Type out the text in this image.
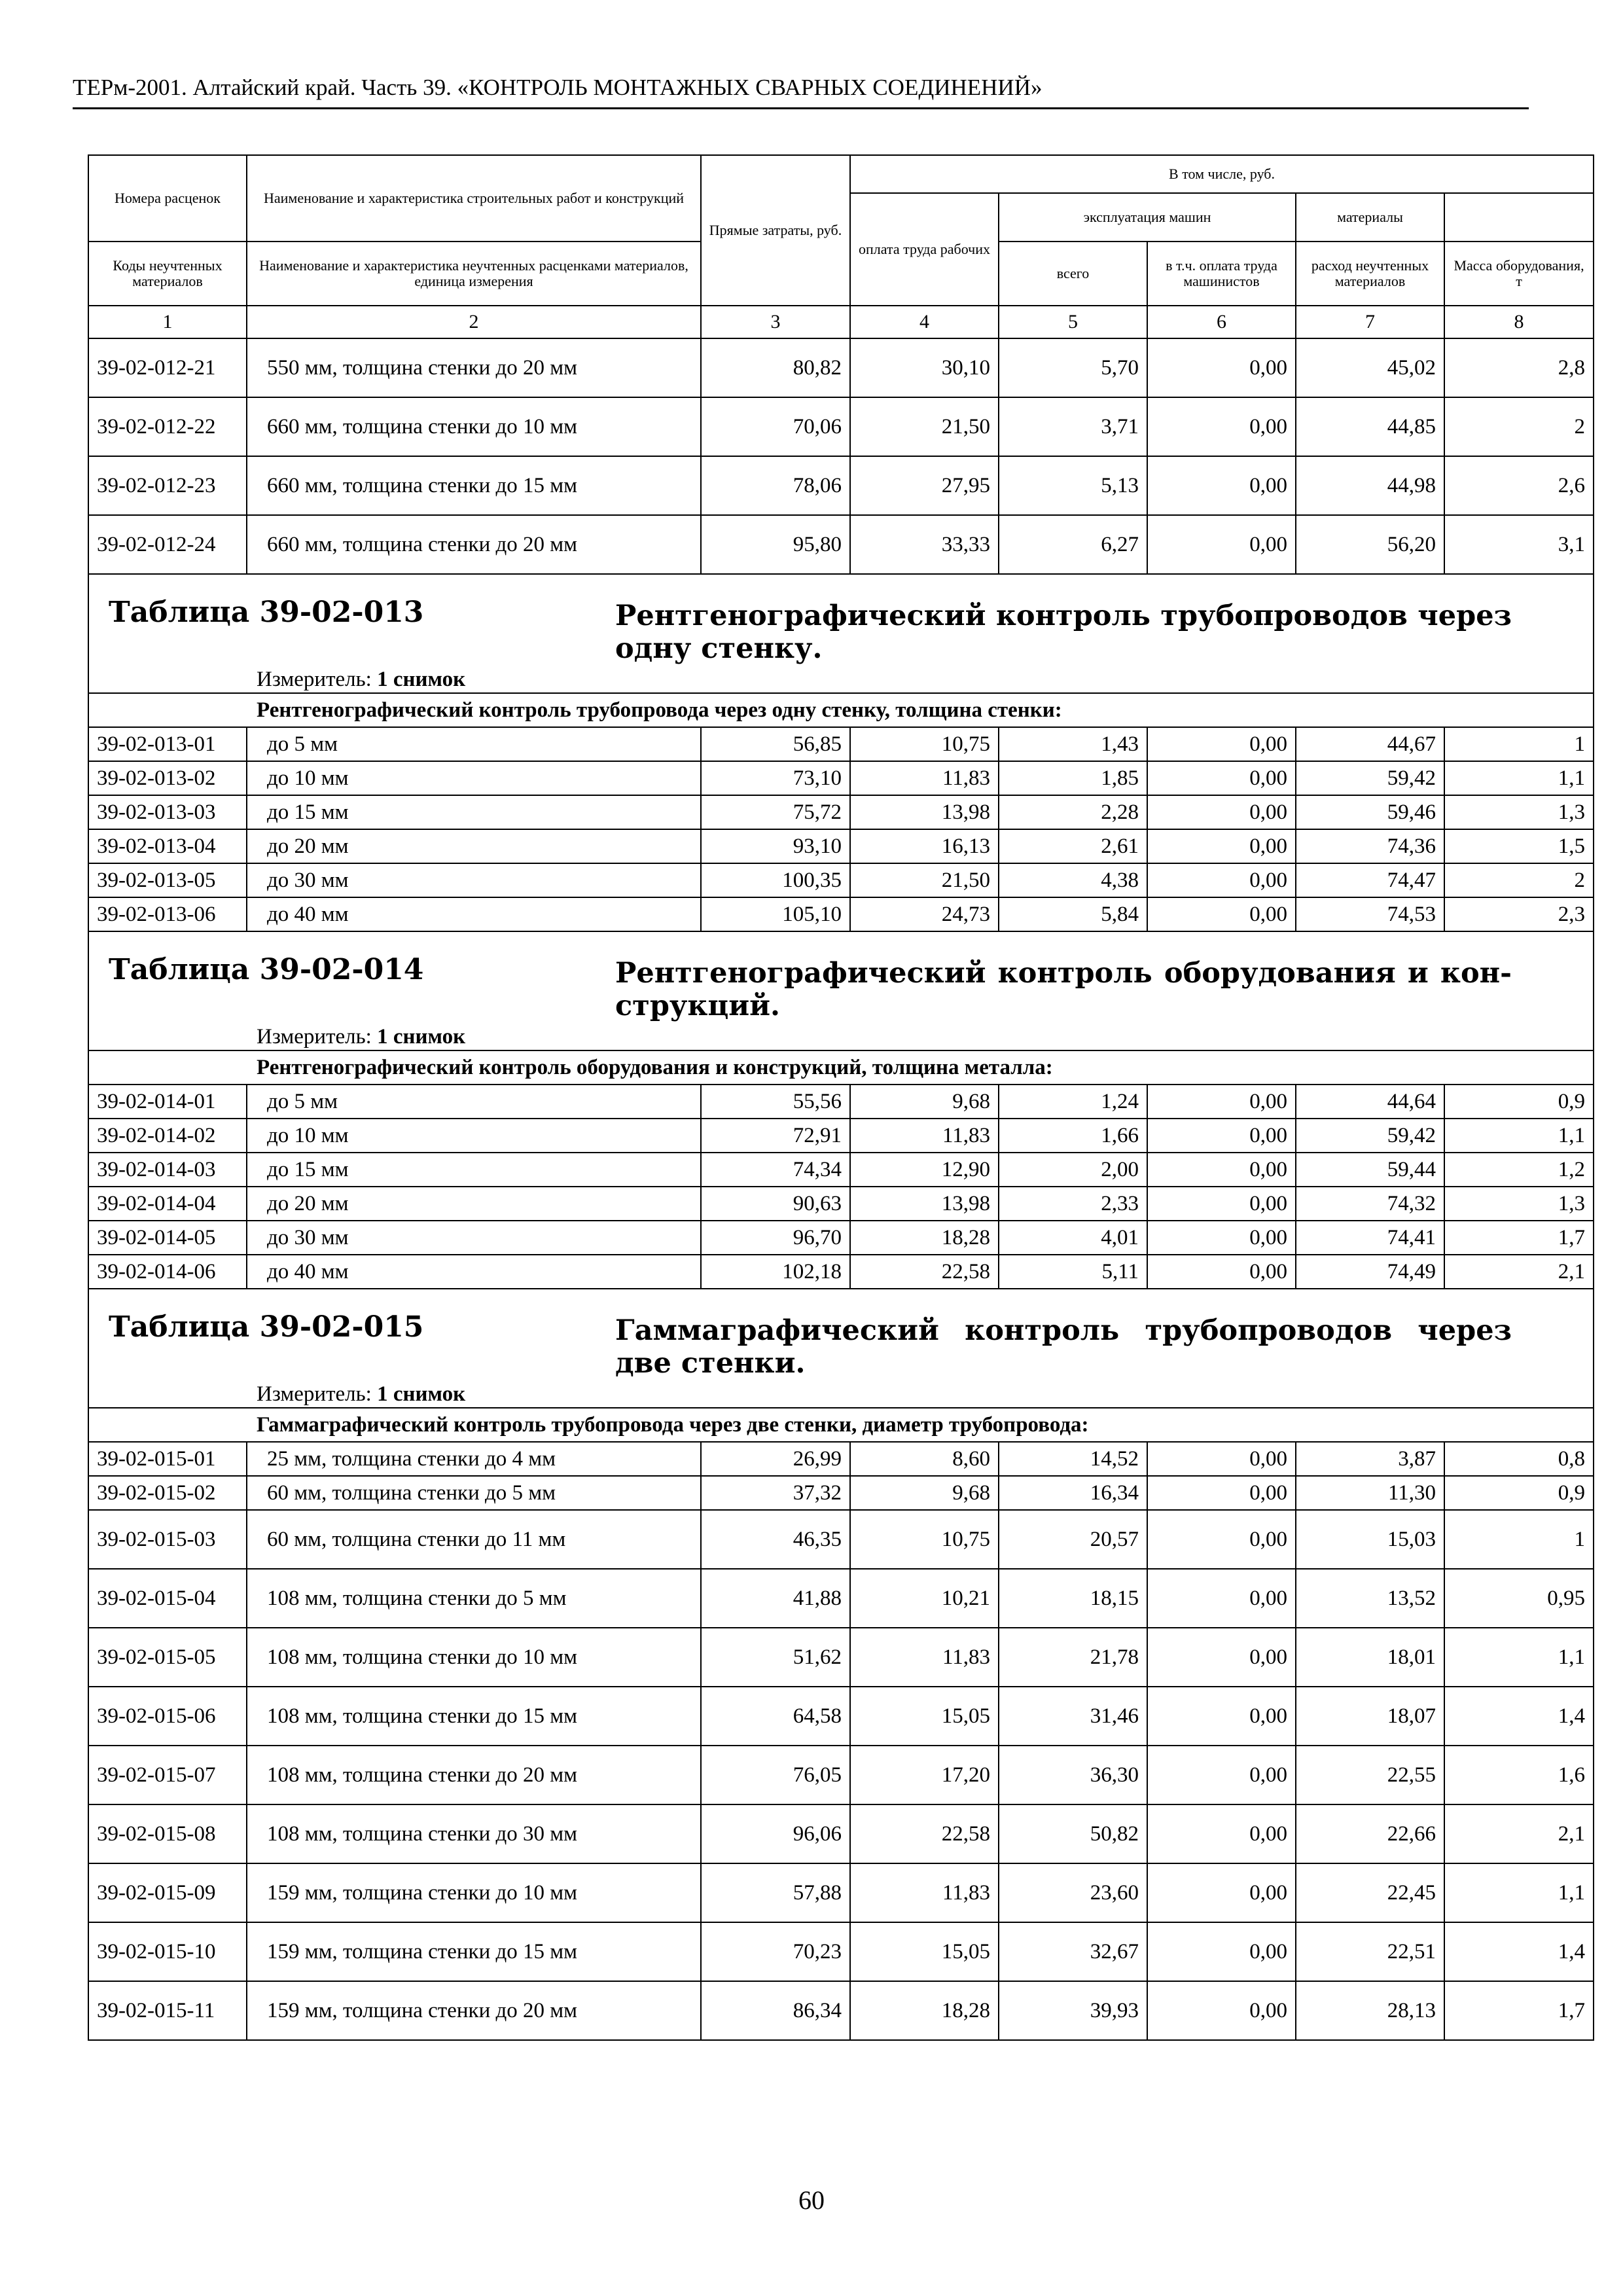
ТЕРм-2001. Алтайский край. Часть 39. «КОНТРОЛЬ МОНТАЖНЫХ СВАРНЫХ СОЕДИНЕНИЙ»
Номера расценок	Наименование и характеристика строительных работ и конструкций	Прямые затраты, руб.	В том числе, руб.	
			оплата труда рабочих	эксплуатация машин		материалы		
Коды неучтенных материалов	Наименование и характеристика неучтенных расценками материалов, единица измерения			всего	в т.ч. оплата труда машинистов	расход неучтенных материалов	Масса оборудования, т	
1	2	3	4	5	6	7	8	
39-02-012-21	550 мм, толщина стенки до 20 мм	80,82	30,10	5,70	0,00	45,02	2,8	
39-02-012-22	660 мм, толщина стенки до 10 мм	70,06	21,50	3,71	0,00	44,85	2	
39-02-012-23	660 мм, толщина стенки до 15 мм	78,06	27,95	5,13	0,00	44,98	2,6	
39-02-012-24	660 мм, толщина стенки до 20 мм	95,80	33,33	6,27	0,00	56,20	3,1	

Таблица 39-02-013 Рентгенографический контроль трубопроводов через одну стенку.
Измеритель: 1 снимок								

Рентгенографический контроль трубопровода через одну стенку, толщина стенки:								
39-02-013-01	до 5 мм	56,85	10,75	1,43	0,00	44,67	1	
39-02-013-02	до 10 мм	73,10	11,83	1,85	0,00	59,42	1,1	
39-02-013-03	до 15 мм	75,72	13,98	2,28	0,00	59,46	1,3	
39-02-013-04	до 20 мм	93,10	16,13	2,61	0,00	74,36	1,5	
39-02-013-05	до 30 мм	100,35	21,50	4,38	0,00	74,47	2	
39-02-013-06	до 40 мм	105,10	24,73	5,84	0,00	74,53	2,3	

Таблица 39-02-014 Рентгенографический контроль оборудования и кон-струкций.
Измеритель: 1 снимок								

Рентгенографический контроль оборудования и конструкций, толщина металла:								
39-02-014-01	до 5 мм	55,56	9,68	1,24	0,00	44,64	0,9	
39-02-014-02	до 10 мм	72,91	11,83	1,66	0,00	59,42	1,1	
39-02-014-03	до 15 мм	74,34	12,90	2,00	0,00	59,44	1,2	
39-02-014-04	до 20 мм	90,63	13,98	2,33	0,00	74,32	1,3	
39-02-014-05	до 30 мм	96,70	18,28	4,01	0,00	74,41	1,7	
39-02-014-06	до 40 мм	102,18	22,58	5,11	0,00	74,49	2,1	

Таблица 39-02-015 Гаммаграфический контроль трубопроводов через две стенки.
Измеритель: 1 снимок								

Гаммаграфический контроль трубопровода через две стенки, диаметр трубопровода:								
39-02-015-01	25 мм, толщина стенки до 4 мм	26,99	8,60	14,52	0,00	3,87	0,8	
39-02-015-02	60 мм, толщина стенки до 5 мм	37,32	9,68	16,34	0,00	11,30	0,9	
39-02-015-03	60 мм, толщина стенки до 11 мм	46,35	10,75	20,57	0,00	15,03	1	
39-02-015-04	108 мм, толщина стенки до 5 мм	41,88	10,21	18,15	0,00	13,52	0,95	
39-02-015-05	108 мм, толщина стенки до 10 мм	51,62	11,83	21,78	0,00	18,01	1,1	
39-02-015-06	108 мм, толщина стенки до 15 мм	64,58	15,05	31,46	0,00	18,07	1,4	
39-02-015-07	108 мм, толщина стенки до 20 мм	76,05	17,20	36,30	0,00	22,55	1,6	
39-02-015-08	108 мм, толщина стенки до 30 мм	96,06	22,58	50,82	0,00	22,66	2,1	
39-02-015-09	159 мм, толщина стенки до 10 мм	57,88	11,83	23,60	0,00	22,45	1,1	
39-02-015-10	159 мм, толщина стенки до 15 мм	70,23	15,05	32,67	0,00	22,51	1,4	
39-02-015-11	159 мм, толщина стенки до 20 мм	86,34	18,28	39,93	0,00	28,13	1,7	
60
